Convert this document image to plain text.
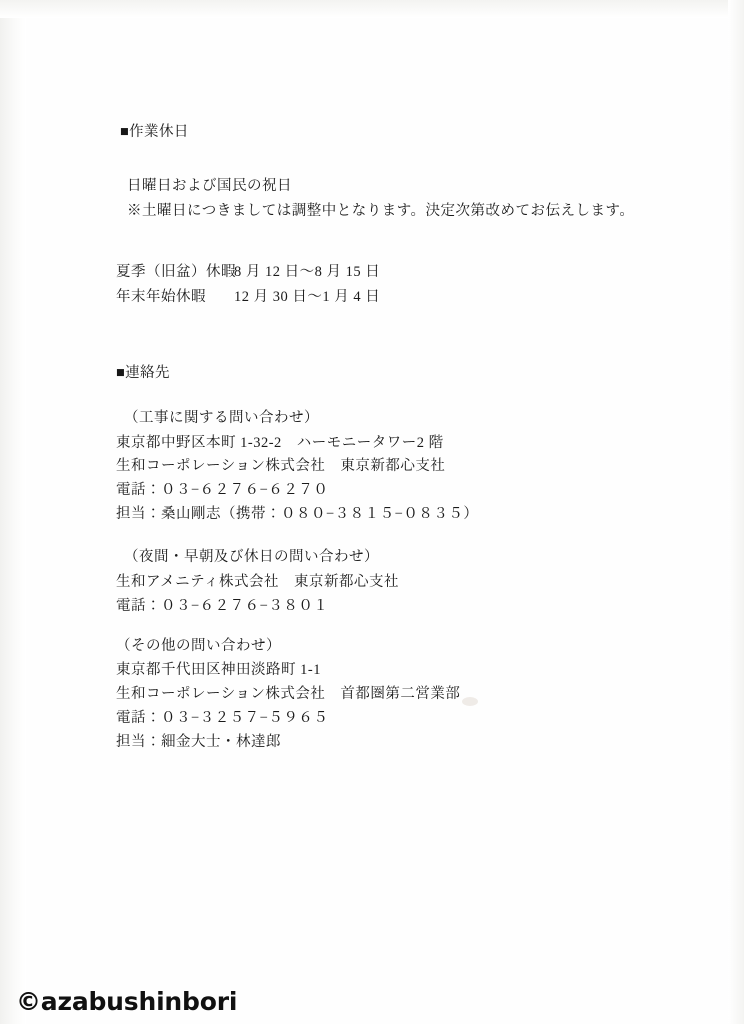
■作業休日
日曜日および国民の祝日
※土曜日につきましては調整中となります。決定次第改めてお伝えします。
夏季（旧盆）休暇8 月 12 日〜8 月 15 日
年末年始休暇 12 月 30 日〜1 月 4 日
■連絡先
（工事に関する問い合わせ）
東京都中野区本町 1-32-2　ハーモニータワー2 階
生和コーポレーション株式会社　東京新都心支社
電話：０３−６２７６−６２７０
担当：桑山剛志（携帯：０８０−３８１５−０８３５）
（夜間・早朝及び休日の問い合わせ）
生和アメニティ株式会社　東京新都心支社
電話：０３−６２７６−３８０１
（その他の問い合わせ）
東京都千代田区神田淡路町 1-1
生和コーポレーション株式会社　首都圏第二営業部
電話：０３−３２５７−５９６５
担当：細金大士・林達郎
©azabushinbori
